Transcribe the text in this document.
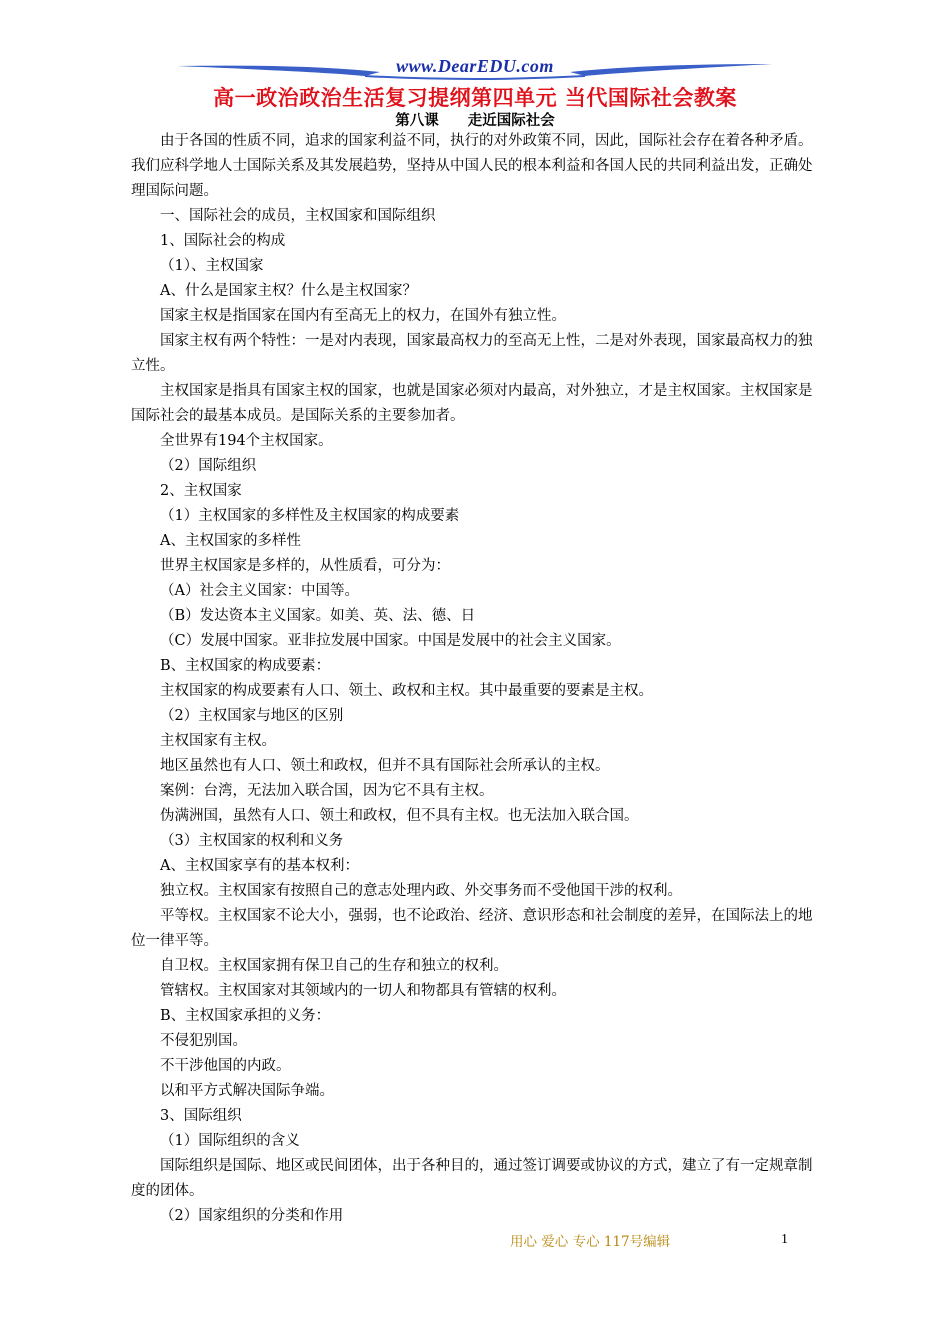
www.DearEDU.com
高一政治政治生活复习提纲第四单元 当代国际社会教案
第八课　　走近国际社会

由于各国的性质不同，追求的国家利益不同，执行的对外政策不同，因此，国际社会存在着各种矛盾。我们应科学地人士国际关系及其发展趋势，坚持从中国人民的根本利益和各国人民的共同利益出发，正确处理国际问题。

一、国际社会的成员，主权国家和国际组织

1、国际社会的构成

（1）、主权国家

A、什么是国家主权？什么是主权国家？

国家主权是指国家在国内有至高无上的权力，在国外有独立性。

国家主权有两个特性：一是对内表现，国家最高权力的至高无上性，二是对外表现，国家最高权力的独立性。

主权国家是指具有国家主权的国家，也就是国家必须对内最高，对外独立，才是主权国家。主权国家是国际社会的最基本成员。是国际关系的主要参加者。

全世界有194个主权国家。

（2）国际组织

2、主权国家

（1）主权国家的多样性及主权国家的构成要素

A、主权国家的多样性

世界主权国家是多样的，从性质看，可分为：

（A）社会主义国家：中国等。

（B）发达资本主义国家。如美、英、法、德、日

（C）发展中国家。亚非拉发展中国家。中国是发展中的社会主义国家。

B、主权国家的构成要素：

主权国家的构成要素有人口、领土、政权和主权。其中最重要的要素是主权。

（2）主权国家与地区的区别

主权国家有主权。

地区虽然也有人口、领土和政权，但并不具有国际社会所承认的主权。

案例：台湾，无法加入联合国，因为它不具有主权。

伪满洲国，虽然有人口、领土和政权，但不具有主权。也无法加入联合国。

（3）主权国家的权利和义务

A、主权国家享有的基本权利：

独立权。主权国家有按照自己的意志处理内政、外交事务而不受他国干涉的权利。

平等权。主权国家不论大小，强弱，也不论政治、经济、意识形态和社会制度的差异，在国际法上的地位一律平等。

自卫权。主权国家拥有保卫自己的生存和独立的权利。

管辖权。主权国家对其领域内的一切人和物都具有管辖的权利。

B、主权国家承担的义务：

不侵犯别国。

不干涉他国的内政。

以和平方式解决国际争端。

3、国际组织

（1）国际组织的含义

国际组织是国际、地区或民间团体，出于各种目的，通过签订调要或协议的方式，建立了有一定规章制度的团体。

（2）国家组织的分类和作用

用心 爱心 专心 117号编辑	1
